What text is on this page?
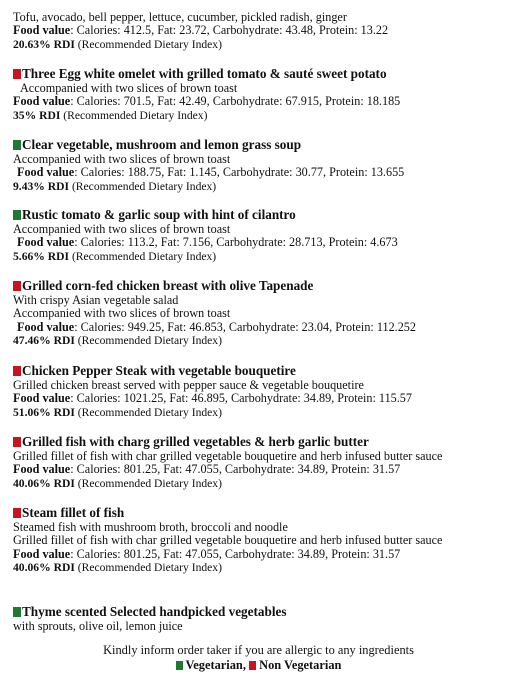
Tofu, avocado, bell pepper, lettuce, cucumber, pickled radish, ginger
Food value: Calories: 412.5, Fat: 23.72, Carbohydrate: 43.48, Protein: 13.22
20.63% RDI (Recommended Dietary Index)
Three Egg white omelet with grilled tomato & sauté sweet potato
Accompanied with two slices of brown toast
Food value: Calories: 701.5, Fat: 42.49, Carbohydrate: 67.915, Protein: 18.185
35% RDI (Recommended Dietary Index)
Clear vegetable, mushroom and lemon grass soup
Accompanied with two slices of brown toast
Food value: Calories: 188.75, Fat: 1.145, Carbohydrate: 30.77, Protein: 13.655
9.43% RDI (Recommended Dietary Index)
Rustic tomato & garlic soup with hint of cilantro
Accompanied with two slices of brown toast
Food value: Calories: 113.2, Fat: 7.156, Carbohydrate: 28.713, Protein: 4.673
5.66% RDI (Recommended Dietary Index)
Grilled corn-fed chicken breast with olive Tapenade
With crispy Asian vegetable salad
Accompanied with two slices of brown toast
Food value: Calories: 949.25, Fat: 46.853, Carbohydrate: 23.04, Protein: 112.252
47.46% RDI (Recommended Dietary Index)
Chicken Pepper Steak with vegetable bouquetire
Grilled chicken breast served with pepper sauce & vegetable bouquetire
Food value: Calories: 1021.25, Fat: 46.895, Carbohydrate: 34.89, Protein: 115.57
51.06% RDI (Recommended Dietary Index)
Grilled fish with charg grilled vegetables & herb garlic butter
Grilled fillet of fish with char grilled vegetable bouquetire and herb infused butter sauce
Food value: Calories: 801.25, Fat: 47.055, Carbohydrate: 34.89, Protein: 31.57
40.06% RDI (Recommended Dietary Index)
Steam fillet of fish
Steamed fish with mushroom broth, broccoli and noodle
Grilled fillet of fish with char grilled vegetable bouquetire and herb infused butter sauce
Food value: Calories: 801.25, Fat: 47.055, Carbohydrate: 34.89, Protein: 31.57
40.06% RDI (Recommended Dietary Index)
Thyme scented Selected handpicked vegetables
with sprouts, olive oil, lemon juice
Kindly inform order taker if you are allergic to any ingredients
Vegetarian, Non Vegetarian
